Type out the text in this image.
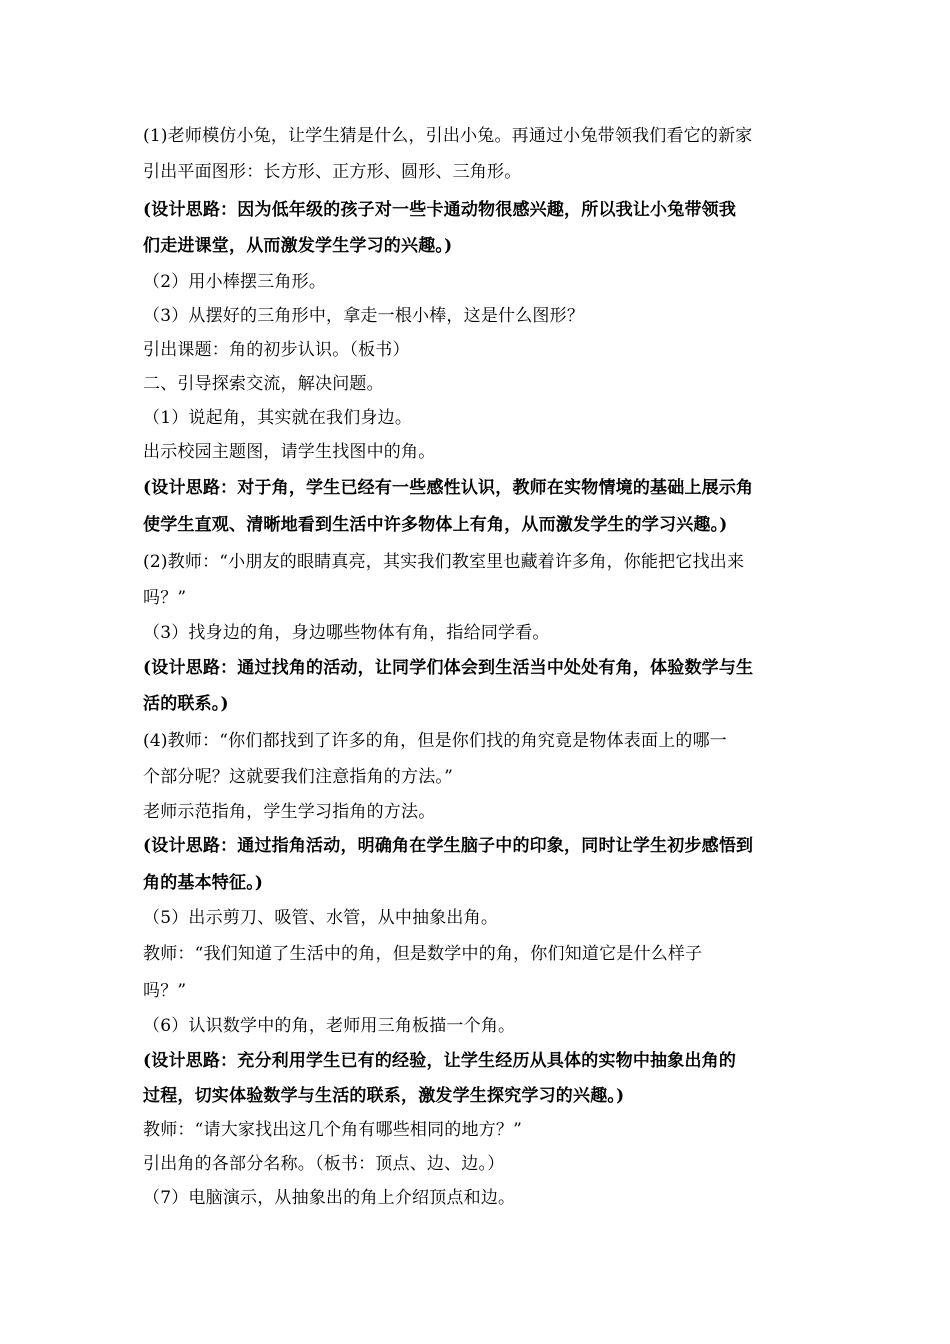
(1)老师模仿小兔，让学生猜是什么，引出小兔。再通过小兔带领我们看它的新家
引出平面图形：长方形、正方形、圆形、三角形。
(设计思路：因为低年级的孩子对一些卡通动物很感兴趣，所以我让小兔带领我
们走进课堂，从而激发学生学习的兴趣。)
（2）用小棒摆三角形。
（3）从摆好的三角形中，拿走一根小棒，这是什么图形？
引出课题：角的初步认识。（板书）
二、引导探索交流，解决问题。
（1）说起角，其实就在我们身边。
出示校园主题图，请学生找图中的角。
(设计思路：对于角，学生已经有一些感性认识，教师在实物情境的基础上展示角
使学生直观、清晰地看到生活中许多物体上有角，从而激发学生的学习兴趣。)
(2)教师：“小朋友的眼睛真亮，其实我们教室里也藏着许多角，你能把它找出来
吗？”
（3）找身边的角，身边哪些物体有角，指给同学看。
(设计思路：通过找角的活动，让同学们体会到生活当中处处有角，体验数学与生
活的联系。)
(4)教师：“你们都找到了许多的角，但是你们找的角究竟是物体表面上的哪一
个部分呢？这就要我们注意指角的方法。”
老师示范指角，学生学习指角的方法。
(设计思路：通过指角活动，明确角在学生脑子中的印象，同时让学生初步感悟到
角的基本特征。)
（5）出示剪刀、吸管、水管，从中抽象出角。
教师：“我们知道了生活中的角，但是数学中的角，你们知道它是什么样子
吗？”
（6）认识数学中的角，老师用三角板描一个角。
(设计思路：充分利用学生已有的经验，让学生经历从具体的实物中抽象出角的
过程，切实体验数学与生活的联系，激发学生探究学习的兴趣。)
教师：“请大家找出这几个角有哪些相同的地方？”
引出角的各部分名称。（板书：顶点、边、边。）
（7）电脑演示，从抽象出的角上介绍顶点和边。
